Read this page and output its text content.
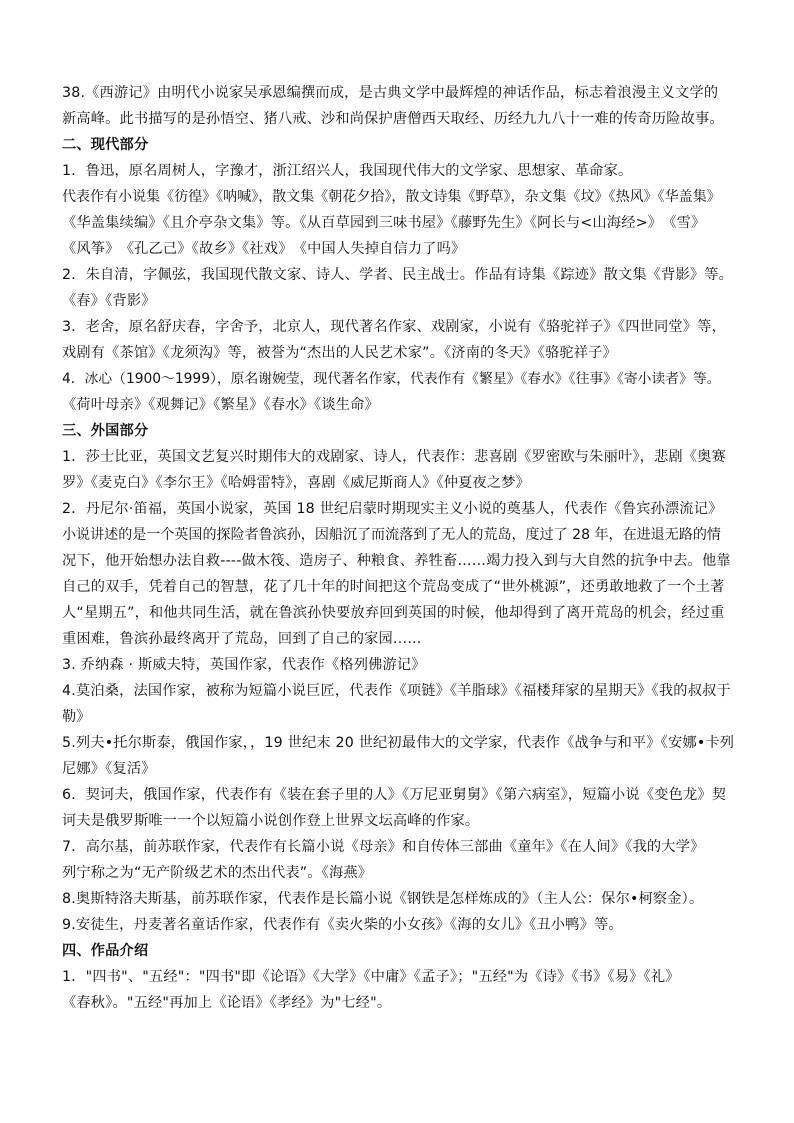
38.《西游记》由明代小说家吴承恩编撰而成，是古典文学中最辉煌的神话作品，标志着浪漫主义文学的
新高峰。此书描写的是孙悟空、猪八戒、沙和尚保护唐僧西天取经、历经九九八十一难的传奇历险故事。
二、现代部分
1．鲁迅，原名周树人，字豫才，浙江绍兴人，我国现代伟大的文学家、思想家、革命家。
代表作有小说集《彷徨》《呐喊》，散文集《朝花夕拾》，散文诗集《野草》，杂文集《坟》《热风》《华盖集》
《华盖集续编》《且介亭杂文集》等。《从百草园到三味书屋》《藤野先生》《阿长与<山海经>》　《雪》
《风筝》　《孔乙己》《故乡》《社戏》　《中国人失掉自信力了吗》
2．朱自清，字佩弦，我国现代散文家、诗人、学者、民主战士。作品有诗集《踪迹》散文集《背影》等。
《春》《背影》
3．老舍，原名舒庆春，字舍予，北京人，现代著名作家、戏剧家，小说有《骆驼祥子》《四世同堂》等，
戏剧有《茶馆》《龙须沟》等，被誉为“杰出的人民艺术家”。《济南的冬天》《骆驼祥子》
4．冰心（1900～1999），原名谢婉莹，现代著名作家，代表作有《繁星》《春水》《往事》《寄小读者》等。
《荷叶母亲》《观舞记》《繁星》《春水》《谈生命》
三、外国部分
1．莎士比亚，英国文艺复兴时期伟大的戏剧家、诗人，代表作：悲喜剧《罗密欧与朱丽叶》，悲剧《奥赛
罗》《麦克白》《李尔王》《哈姆雷特》，喜剧《威尼斯商人》《仲夏夜之梦》
2．丹尼尔·笛福，英国小说家，英国 18 世纪启蒙时期现实主义小说的奠基人，代表作《鲁宾孙漂流记》
小说讲述的是一个英国的探险者鲁滨孙，因船沉了而流落到了无人的荒岛，度过了 28 年，在进退无路的情
况下，他开始想办法自救----做木筏、造房子、种粮食、养牲畜……竭力投入到与大自然的抗争中去。他靠
自己的双手，凭着自己的智慧，花了几十年的时间把这个荒岛变成了“世外桃源”，还勇敢地救了一个土著
人“星期五”，和他共同生活，就在鲁滨孙快要放弃回到英国的时候，他却得到了离开荒岛的机会，经过重
重困难，鲁滨孙最终离开了荒岛，回到了自己的家园……
3. 乔纳森 · 斯威夫特，英国作家，代表作《格列佛游记》
4.莫泊桑，法国作家，被称为短篇小说巨匠，代表作《项链》《羊脂球》《福楼拜家的星期天》《我的叔叔于
勒》
5.列夫•托尔斯泰，俄国作家，，19 世纪末 20 世纪初最伟大的文学家，代表作《战争与和平》《安娜•卡列
尼娜》《复活》
6．契诃夫，俄国作家，代表作有《装在套子里的人》《万尼亚舅舅》《第六病室》，短篇小说《变色龙》契
诃夫是俄罗斯唯一一个以短篇小说创作登上世界文坛高峰的作家。
7．高尔基，前苏联作家，代表作有长篇小说《母亲》和自传体三部曲《童年》《在人间》《我的大学》
列宁称之为“无产阶级艺术的杰出代表”。《海燕》
8.奥斯特洛夫斯基，前苏联作家，代表作是长篇小说《钢铁是怎样炼成的》（主人公：保尔•柯察金）。
9.安徒生，丹麦著名童话作家，代表作有《卖火柴的小女孩》《海的女儿》《丑小鸭》等。
四、作品介绍
1．"四书"、"五经"："四书"即《论语》《大学》《中庸》《孟子》；"五经"为《诗》《书》《易》《礼》
《春秋》。"五经"再加上《论语》《孝经》为"七经"。
